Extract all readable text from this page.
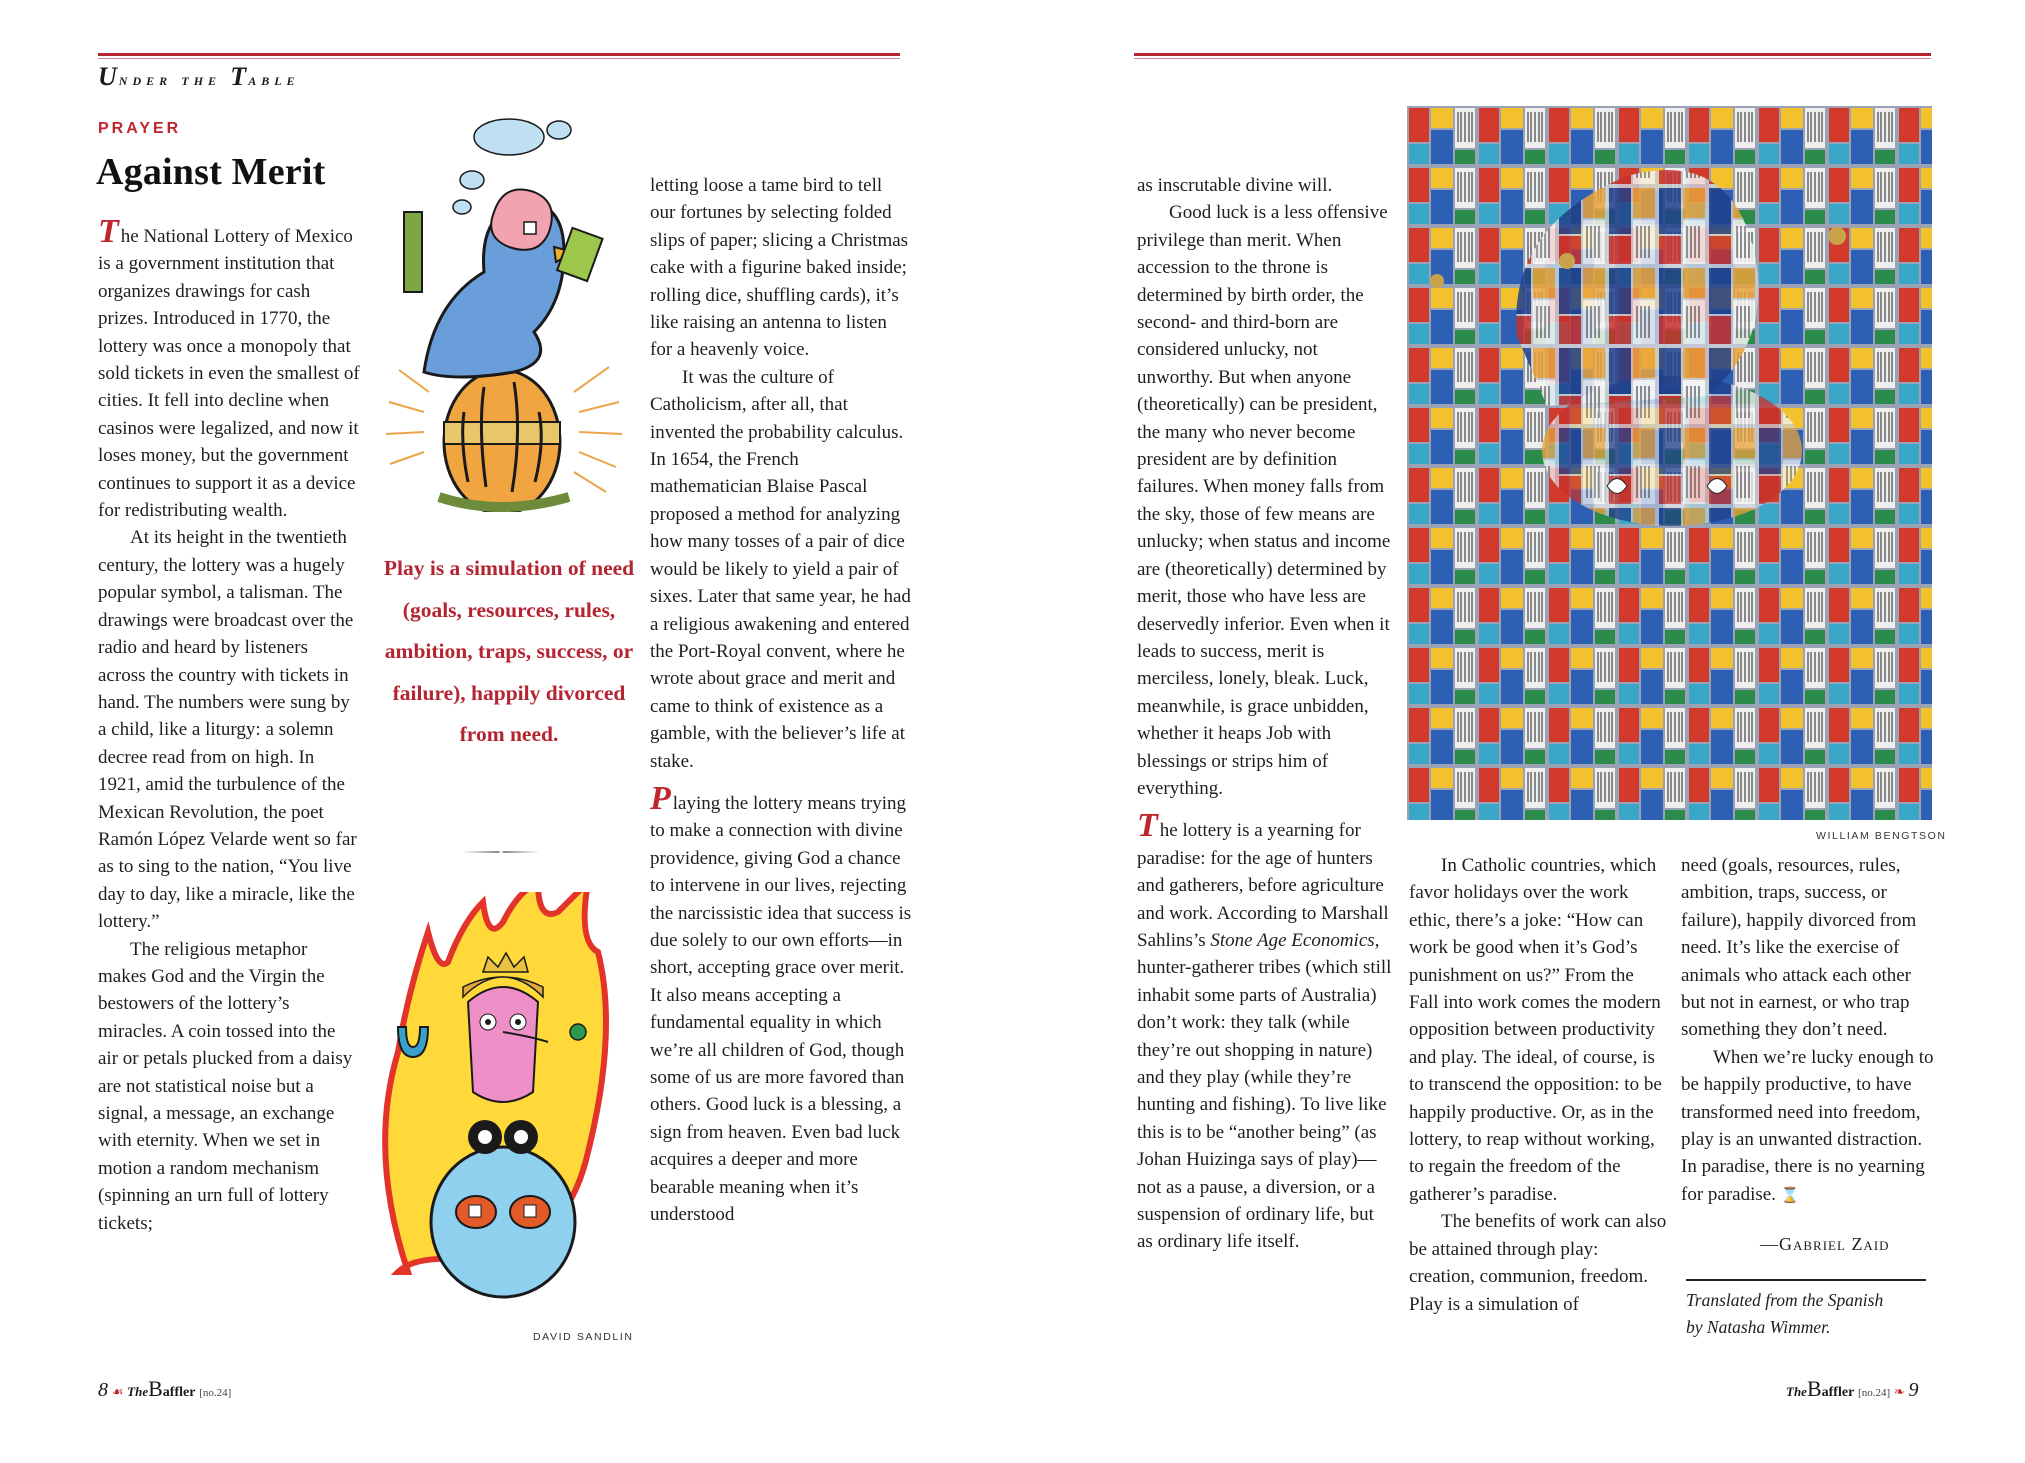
Under the Table
PRAYER
Against Merit

The National Lottery of Mexico is a government institution that organizes drawings for cash prizes. Introduced in 1770, the lottery was once a monopoly that sold tickets in even the smallest of cities. It fell into decline when casinos were legalized, and now it loses money, but the government continues to support it as a device for redistributing wealth.

At its height in the twentieth century, the lottery was a hugely popular symbol, a talisman. The drawings were broadcast over the radio and heard by listeners across the country with tickets in hand. The numbers were sung by a child, like a liturgy: a solemn decree read from on high. In 1921, amid the turbulence of the Mexican Revolution, the poet Ramón López Velarde went so far as to sing to the nation, “You live day to day, like a miracle, like the lottery.”

The religious metaphor makes God and the Virgin the bestowers of the lottery’s miracles. A coin tossed into the air or petals plucked from a daisy are not statistical noise but a signal, a message, an exchange with eternity. When we set in motion a random mechanism (spinning an urn full of lottery tickets;

Play is a simulation of need (goals, resources, rules, ambition, traps, success, or failure), happily divorced from need.
DAVID SANDLIN

letting loose a tame bird to tell our fortunes by selecting folded slips of paper; slicing a Christmas cake with a figurine baked inside; rolling dice, shuffling cards), it’s like raising an antenna to listen for a heavenly voice.

It was the culture of Catholicism, after all, that invented the probability calculus. In 1654, the French mathematician Blaise Pascal proposed a method for analyzing how many tosses of a pair of dice would be likely to yield a pair of sixes. Later that same year, he had a religious awakening and entered the Port-Royal convent, where he wrote about grace and merit and came to think of existence as a gamble, with the believer’s life at stake.

Playing the lottery means trying to make a connection with divine providence, giving God a chance to intervene in our lives, rejecting the narcissistic idea that success is due solely to our own efforts—in short, accepting grace over merit. It also means accepting a fundamental equality in which we’re all children of God, though some of us are more favored than others. Good luck is a blessing, a sign from heaven. Even bad luck acquires a deeper and more bearable meaning when it’s understood

as inscrutable divine will.

Good luck is a less offensive privilege than merit. When accession to the throne is determined by birth order, the second- and third-born are considered unlucky, not unworthy. But when anyone (theoretically) can be president, the many who never become president are by definition failures. When money falls from the sky, those of few means are unlucky; when status and income are (theoretically) determined by merit, those who have less are deservedly inferior. Even when it leads to success, merit is merciless, lonely, bleak. Luck, meanwhile, is grace unbidden, whether it heaps Job with blessings or strips him of everything.

The lottery is a yearning for paradise: for the age of hunters and gatherers, before agriculture and work. According to Marshall Sahlins’s Stone Age Economics, hunter-gatherer tribes (which still inhabit some parts of Australia) don’t work: they talk (while they’re out shopping in nature) and they play (while they’re hunting and fishing). To live like this is to be “another being” (as Johan Huizinga says of play)—not as a pause, a diversion, or a suspension of ordinary life, but as ordinary life itself.

WILLIAM BENGTSON

In Catholic countries, which favor holidays over the work ethic, there’s a joke: “How can work be good when it’s God’s punishment on us?” From the Fall into work comes the modern opposition between productivity and play. The ideal, of course, is to transcend the opposition: to be happily productive. Or, as in the lottery, to reap without working, to regain the freedom of the gatherer’s paradise.

The benefits of work can also be attained through play: creation, communion, freedom. Play is a simulation of

need (goals, resources, rules, ambition, traps, success, or failure), happily divorced from need. It’s like the exercise of animals who attack each other but not in earnest, or who trap something they don’t need.

When we’re lucky enough to be happily productive, to have transformed need into freedom, play is an unwanted distraction. In paradise, there is no yearning for paradise. ⌛

—Gabriel Zaid
Translated from the Spanish
by Natasha Wimmer.
8 ☙ TheBaffler [no.24]	TheBaffler [no.24] ❧ 9
